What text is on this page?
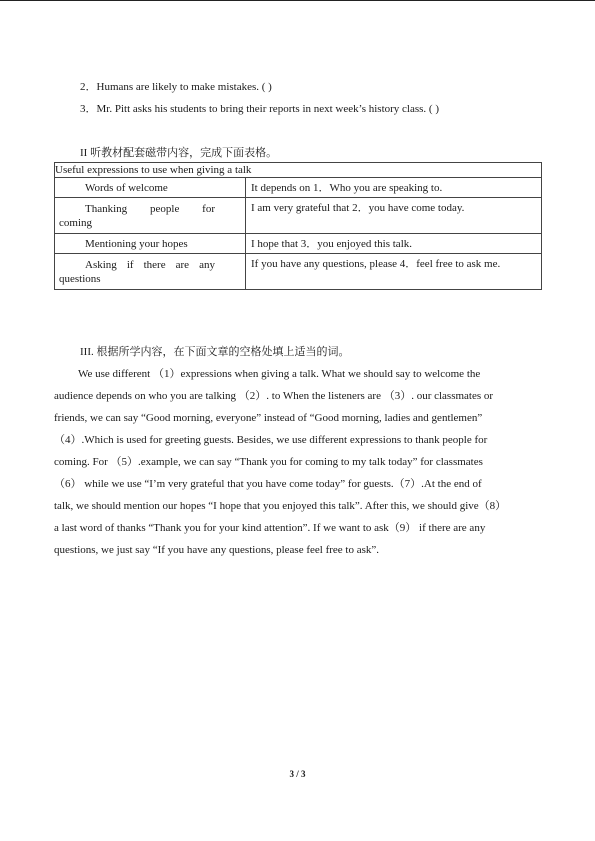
2．Humans are likely to make mistakes. ( )
3．Mr. Pitt asks his students to bring their reports in next week’s history class. ( )
II 听教材配套磁带内容，完成下面表格。
Useful expressions to use when giving a talk	

Words of welcome	It depends on 1．Who you are speaking to.

Thanking people for
coming	I am very grateful that 2．you have come today.

Mentioning your hopes	I hope that 3．you enjoyed this talk.

Asking if there are any
questions	If you have any questions, please 4．feel free to ask me.
III. 根据所学内容，在下面文章的空格处填上适当的词。
We use different （1）expressions when giving a talk. What we should say to welcome the
audience depends on who you are talking （2）. to When the listeners are （3）. our classmates or
friends, we can say “Good morning, everyone” instead of “Good morning, ladies and gentlemen”
（4）.Which is used for greeting guests. Besides, we use different expressions to thank people for
coming. For （5）.example, we can say “Thank you for coming to my talk today” for classmates
（6） while we use “I’m very grateful that you have come today” for guests.（7）.At the end of
talk, we should mention our hopes “I hope that you enjoyed this talk”. After this, we should give（8）
a last word of thanks “Thank you for your kind attention”. If we want to ask（9） if there are any
questions, we just say “If you have any questions, please feel free to ask”.
3 / 3
